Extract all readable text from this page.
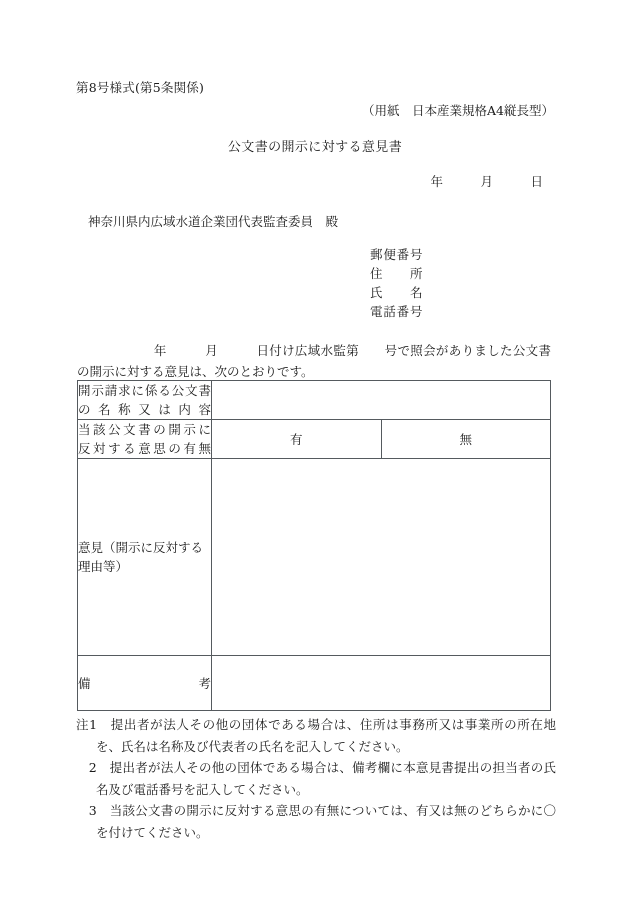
第8号様式(第5条関係)
（用紙　日本産業規格A4縦長型）
公文書の開示に対する意見書
年　　　月　　　日
神奈川県内広域水道企業団代表監査委員　殿
郵便番号
住所
氏名
電話番号
　　　　　　年　　　月　　　日付け広域水監第　　号で照会がありました公文書の開示に対する意見は、次のとおりです。
開示請求に係る公文書
の名称又は内容		

当該公文書の開示に
反対する意思の有無	有	無

意見（開示に反対する
理由等）		

備考		

注1　提出者が法人その他の団体である場合は、住所は事務所又は事業所の所在地を、氏名は名称及び代表者の氏名を記入してください。
　2　提出者が法人その他の団体である場合は、備考欄に本意見書提出の担当者の氏名及び電話番号を記入してください。
　3　当該公文書の開示に反対する意思の有無については、有又は無のどちらかに〇を付けてください。
